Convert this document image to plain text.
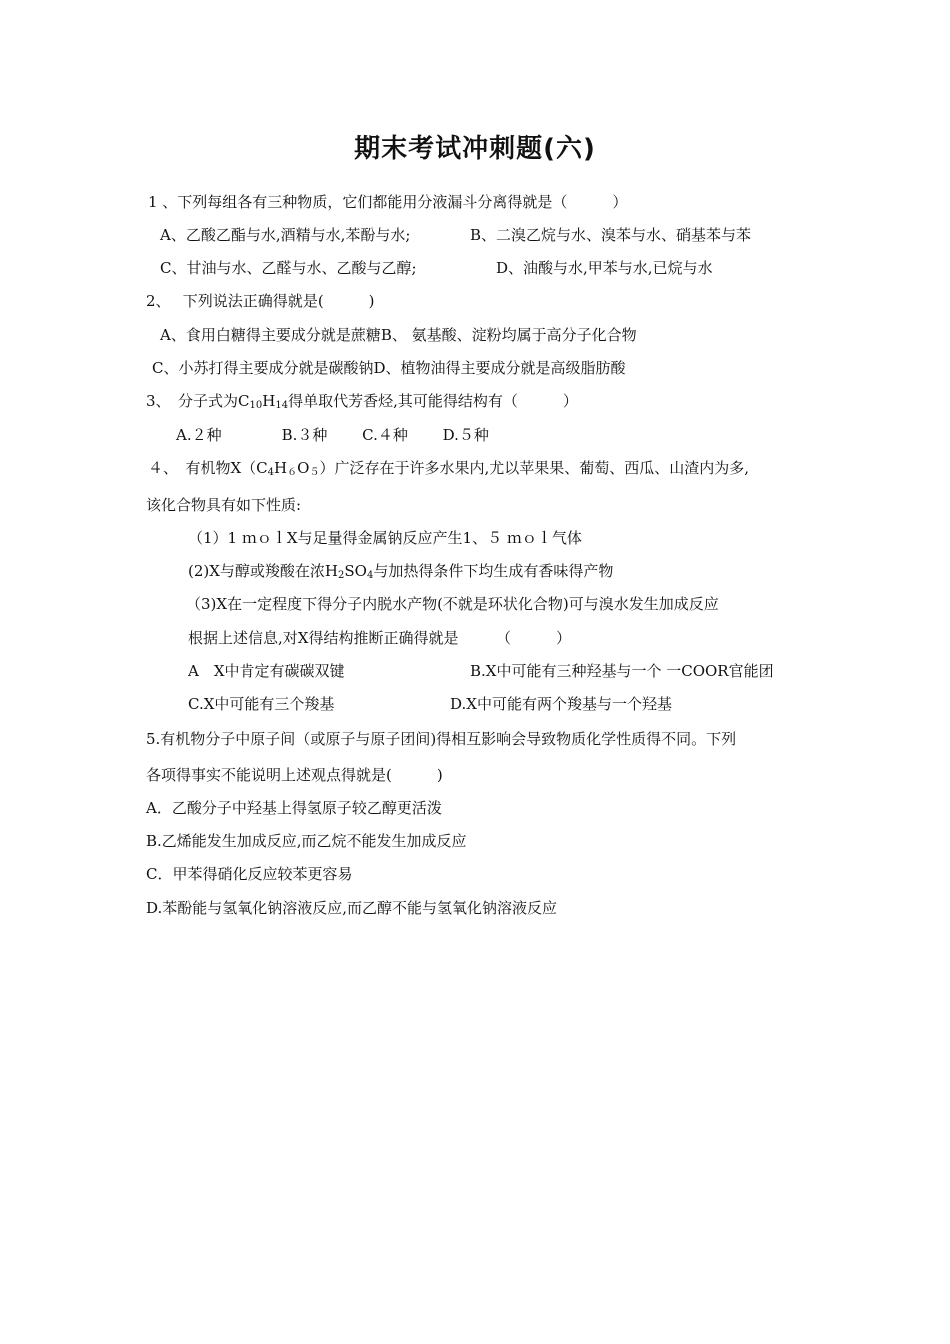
期末考试冲刺题(六)
1 、下列每组各有三种物质，它们都能用分液漏斗分离得就是（　　　）
A、乙酸乙酯与水,酒精与水,苯酚与水;	B、二溴乙烷与水、溴苯与水、硝基苯与苯
C、甘油与水、乙醛与水、乙酸与乙醇;	D、油酸与水,甲苯与水,已烷与水
2、　 下列说法正确得就是(　　　)
A、食用白糖得主要成分就是蔗糖B、 氨基酸、淀粉均属于高分子化合物
C、小苏打得主要成分就是碳酸钠D、植物油得主要成分就是高级脂肪酸
3、　分子式为$C_{10}H_{14}$得单取代芳香烃,其可能得结构有（　　　）
A.２种　　　　B.３种　　 C.４种　　 D.５种
４、　有机物$X(C_4H_6O_5)$广泛存在于许多水果内,尤以苹果果、葡萄、西瓜、山渣内为多,
该化合物具有如下性质:
（1）1 ｍｏｌX与足量得金属钠反应产生1、５ ｍｏｌ气体
(2)X与醇或羧酸在浓$H_2SO_4$与加热得条件下均生成有香味得产物
（3)X在一定程度下得分子内脱水产物(不就是环状化合物)可与溴水发生加成反应
根据上述信息,对X得结构推断正确得就是　　　（　　　）
A　X中肯定有碳碳双键	B.X中可能有三种羟基与一个 一COOR官能团
C.X中可能有三个羧基	D.X中可能有两个羧基与一个羟基
5.有机物分子中原子间（或原子与原子团间)得相互影响会导致物质化学性质得不同。下列
各项得事实不能说明上述观点得就是(　　　)
A．乙酸分子中羟基上得氢原子较乙醇更活泼
B.乙烯能发生加成反应,而乙烷不能发生加成反应
C．甲苯得硝化反应较苯更容易
D.苯酚能与氢氧化钠溶液反应,而乙醇不能与氢氧化钠溶液反应
